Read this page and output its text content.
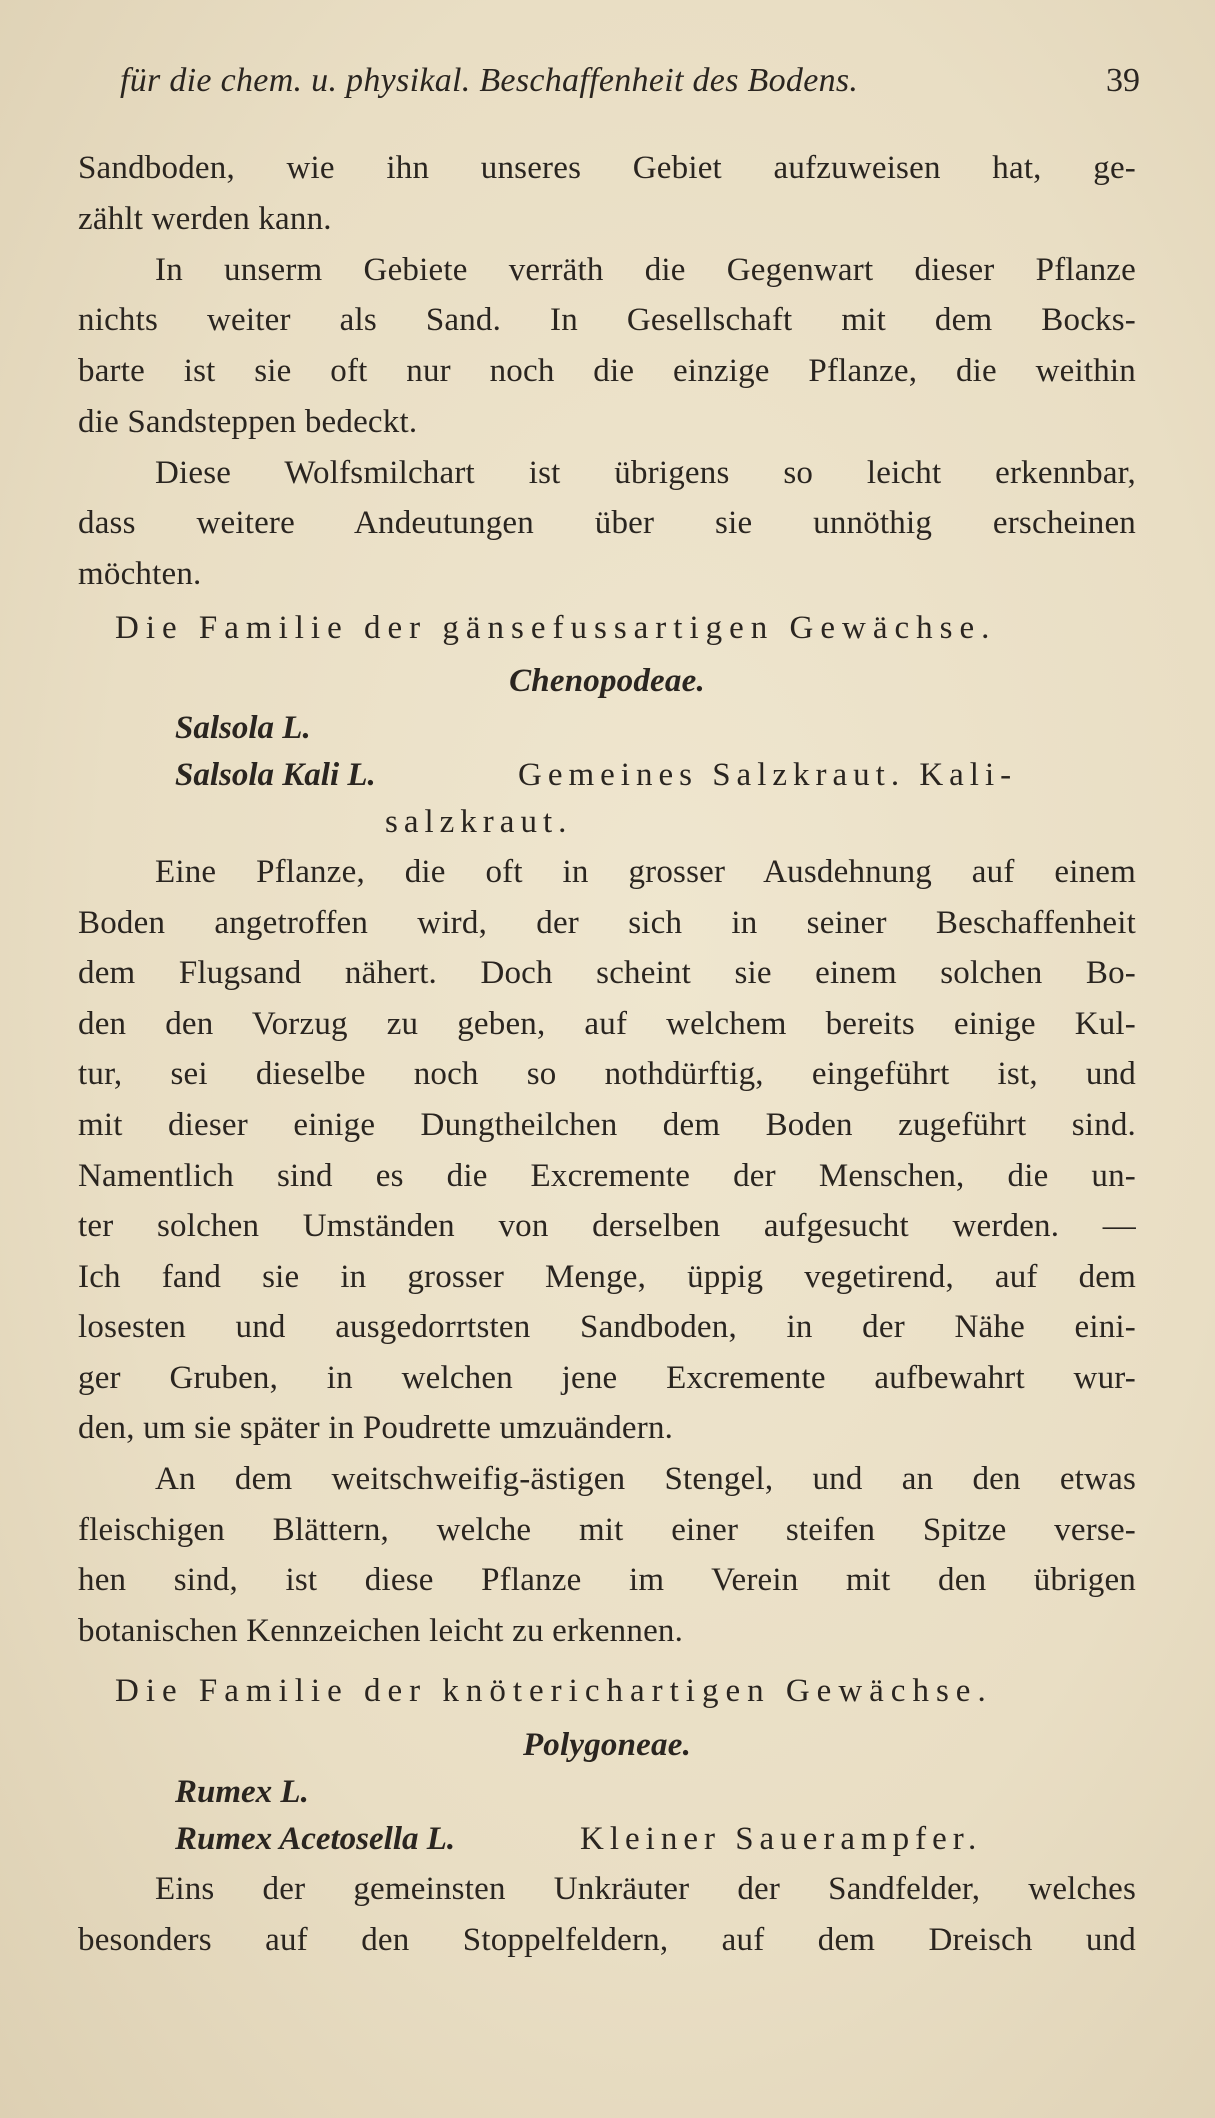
für die chem. u. physikal. Beschaffenheit des Bodens.	39
Sandboden, wie ihn unseres Gebiet aufzuweisen hat, ge-
zählt werden kann.
In unserm Gebiete verräth die Gegenwart dieser Pflanze
nichts weiter als Sand. In Gesellschaft mit dem Bocks-
barte ist sie oft nur noch die einzige Pflanze, die weithin
die Sandsteppen bedeckt.
Diese Wolfsmilchart ist übrigens so leicht erkennbar,
dass weitere Andeutungen über sie unnöthig erscheinen
möchten.
Die Familie der gänsefussartigen Gewächse.
Chenopodeae.
Salsola L.
Salsola Kali L.	Gemeines Salzkraut. Kali-
salzkraut.
Eine Pflanze, die oft in grosser Ausdehnung auf einem
Boden angetroffen wird, der sich in seiner Beschaffenheit
dem Flugsand nähert. Doch scheint sie einem solchen Bo-
den den Vorzug zu geben, auf welchem bereits einige Kul-
tur, sei dieselbe noch so nothdürftig, eingeführt ist, und
mit dieser einige Dungtheilchen dem Boden zugeführt sind.
Namentlich sind es die Excremente der Menschen, die un-
ter solchen Umständen von derselben aufgesucht werden. —
Ich fand sie in grosser Menge, üppig vegetirend, auf dem
losesten und ausgedorrtsten Sandboden, in der Nähe eini-
ger Gruben, in welchen jene Excremente aufbewahrt wur-
den, um sie später in Poudrette umzuändern.
An dem weitschweifig-ästigen Stengel, und an den etwas
fleischigen Blättern, welche mit einer steifen Spitze verse-
hen sind, ist diese Pflanze im Verein mit den übrigen
botanischen Kennzeichen leicht zu erkennen.
Die Familie der knöterichartigen Gewächse.
Polygoneae.
Rumex L.
Rumex Acetosella L.	Kleiner Sauerampfer.
Eins der gemeinsten Unkräuter der Sandfelder, welches
besonders auf den Stoppelfeldern, auf dem Dreisch und
